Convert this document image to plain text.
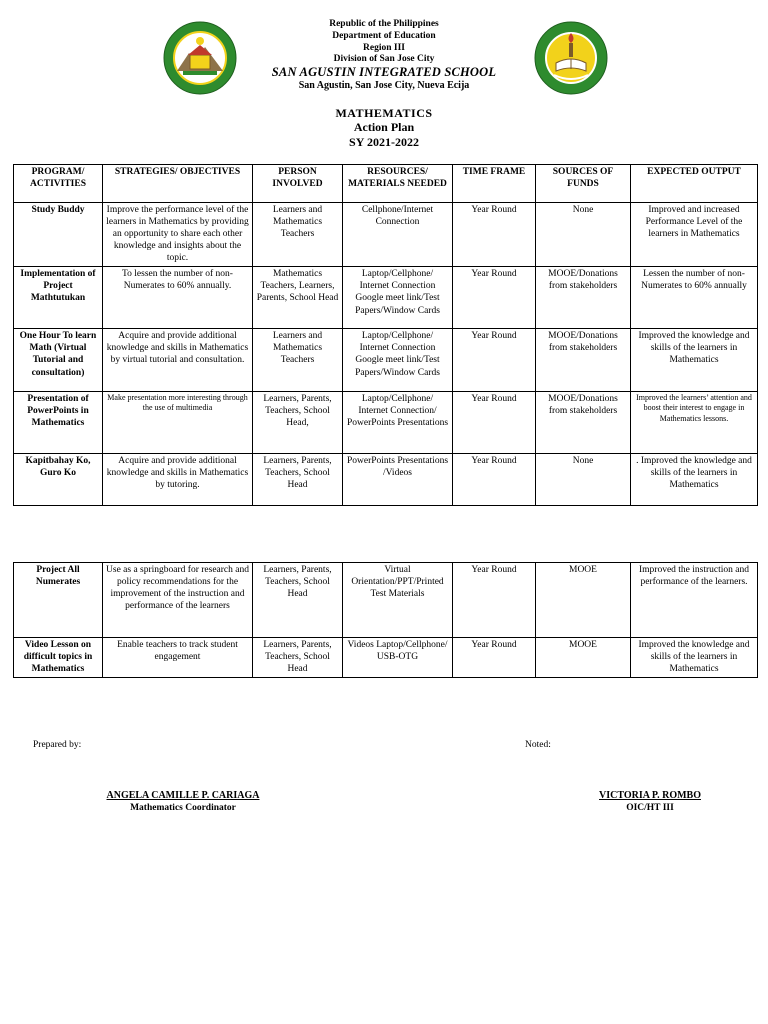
Republic of the Philippines
Department of Education
Region III
Division of San Jose City
SAN AGUSTIN INTEGRATED SCHOOL
San Agustin, San Jose City, Nueva Ecija
MATHEMATICS
Action Plan
SY 2021-2022
PROGRAM/ ACTIVITIES	STRATEGIES/ OBJECTIVES	PERSON INVOLVED	RESOURCES/ MATERIALS NEEDED	TIME FRAME	SOURCES OF FUNDS	EXPECTED OUTPUT
Study Buddy	Improve the performance level of the learners in Mathematics by providing an opportunity to share each other knowledge and insights about the topic.	Learners and Mathematics Teachers	Cellphone/Internet Connection	Year Round	None	Improved and increased Performance Level of the learners in Mathematics
Implementation of Project Mathtutukan	To lessen the number of non-Numerates to 60% annually.	Mathematics Teachers, Learners, Parents, School Head	Laptop/Cellphone/ Internet Connection Google meet link/Test Papers/Window Cards	Year Round	MOOE/Donations from stakeholders	Lessen the number of non-Numerates to 60% annually
One Hour To learn Math (Virtual Tutorial and consultation)	Acquire and provide additional knowledge and skills in Mathematics by virtual tutorial and consultation.	Learners and Mathematics Teachers	Laptop/Cellphone/ Internet Connection Google meet link/Test Papers/Window Cards	Year Round	MOOE/Donations from stakeholders	Improved the knowledge and skills of the learners in Mathematics
Presentation of PowerPoints in Mathematics	Make presentation more interesting through the use of multimedia	Learners, Parents, Teachers, School Head,	Laptop/Cellphone/ Internet Connection/ PowerPoints Presentations	Year Round	MOOE/Donations from stakeholders	Improved the learners’ attention and boost their interest to engage in Mathematics lessons.
Kapitbahay Ko, Guro Ko	Acquire and provide additional knowledge and skills in Mathematics by tutoring.	Learners, Parents, Teachers, School Head	PowerPoints Presentations /Videos	Year Round	None	. Improved the knowledge and skills of the learners in Mathematics
Project All Numerates	Use as a springboard for research and policy recommendations for the improvement of the instruction and performance of the learners	Learners, Parents, Teachers, School Head	Virtual Orientation/PPT/Printed Test Materials	Year Round	MOOE	Improved the instruction and performance of the learners.
Video Lesson on difficult topics in Mathematics	Enable teachers to track student engagement	Learners, Parents, Teachers, School Head	Videos Laptop/Cellphone/ USB-OTG	Year Round	MOOE	Improved the knowledge and skills of the learners in Mathematics
Prepared by:	Noted:
ANGELA CAMILLE P. CARIAGA
Mathematics Coordinator
VICTORIA P. ROMBO
OIC/HT III
